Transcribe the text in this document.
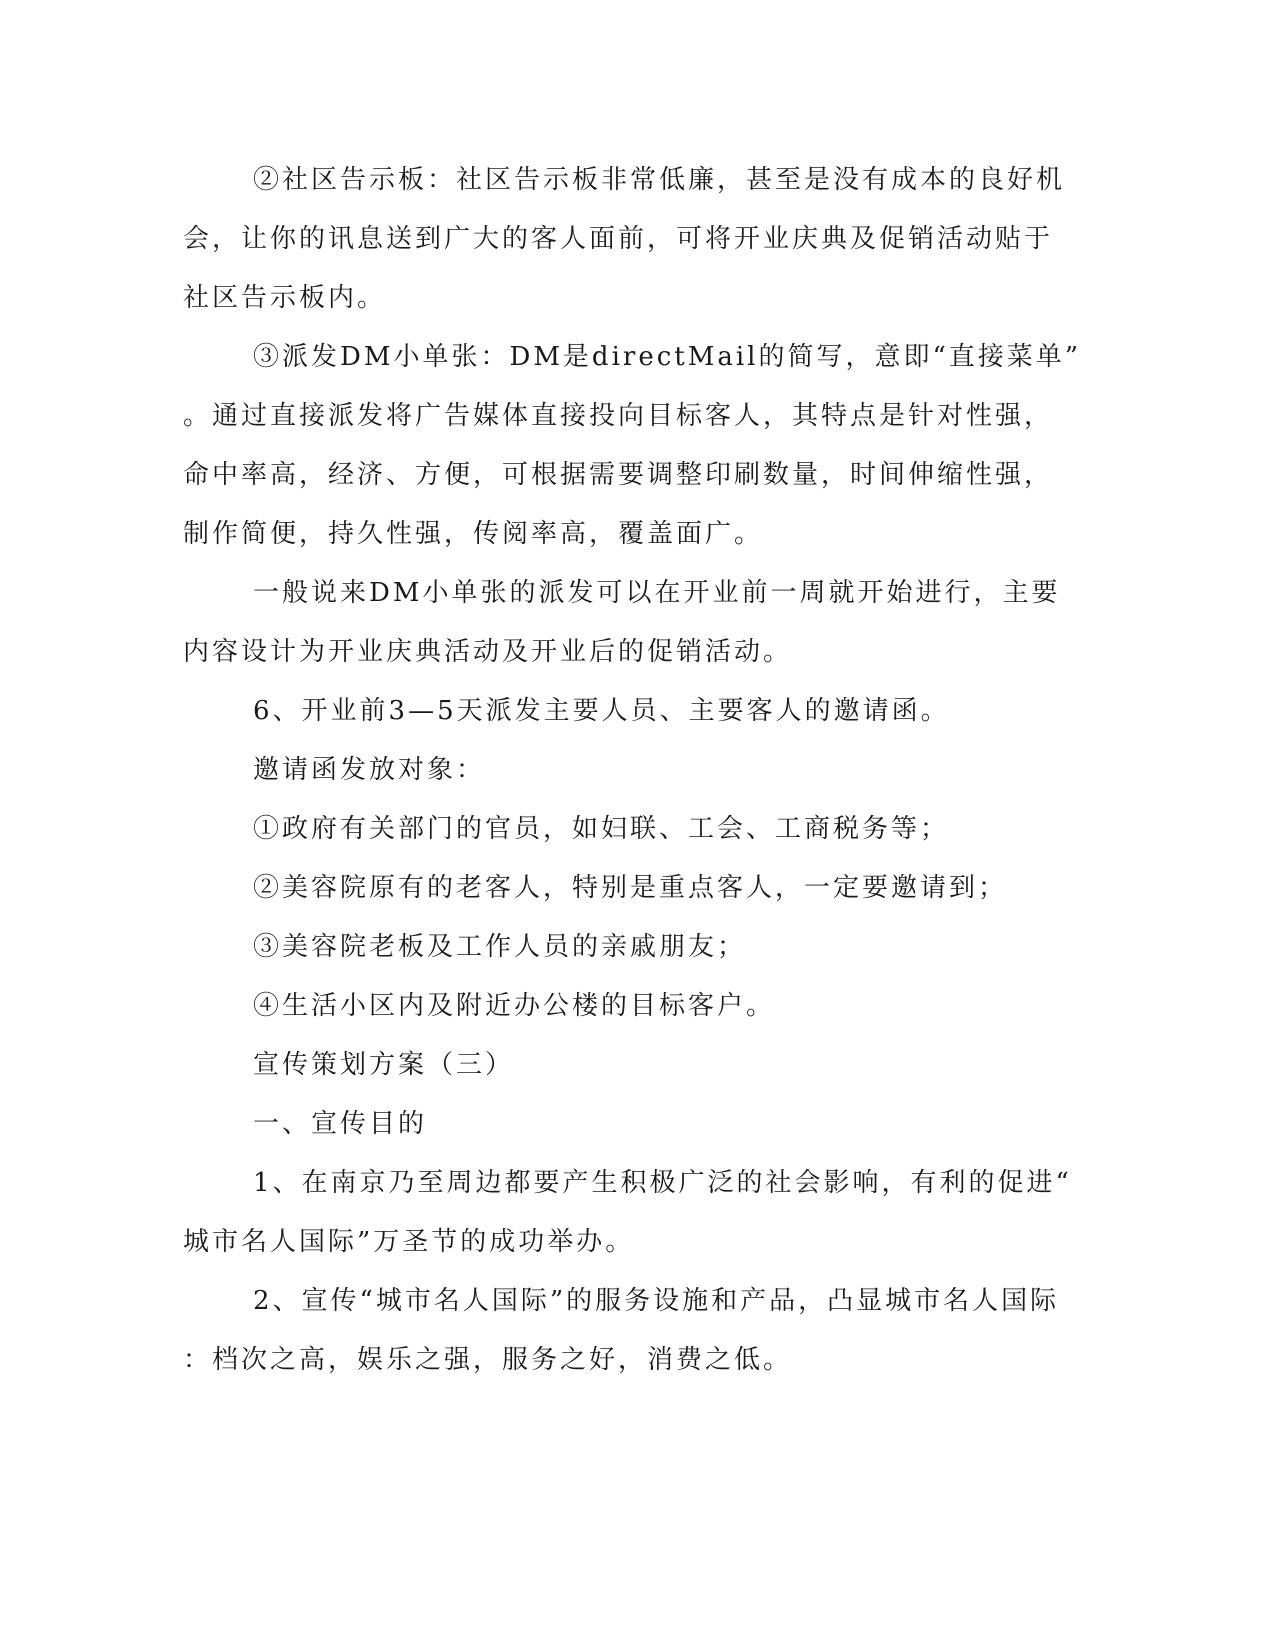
②社区告示板：社区告示板非常低廉，甚至是没有成本的良好机
会，让你的讯息送到广大的客人面前，可将开业庆典及促销活动贴于
社区告示板内。
③派发DM小单张：DM是directMail的简写，意即“直接菜单”
。通过直接派发将广告媒体直接投向目标客人，其特点是针对性强，
命中率高，经济、方便，可根据需要调整印刷数量，时间伸缩性强，
制作简便，持久性强，传阅率高，覆盖面广。
一般说来DM小单张的派发可以在开业前一周就开始进行，主要
内容设计为开业庆典活动及开业后的促销活动。
6、开业前3—5天派发主要人员、主要客人的邀请函。
邀请函发放对象：
①政府有关部门的官员，如妇联、工会、工商税务等；
②美容院原有的老客人，特别是重点客人，一定要邀请到；
③美容院老板及工作人员的亲戚朋友；
④生活小区内及附近办公楼的目标客户。
宣传策划方案（三）
一、宣传目的
1、在南京乃至周边都要产生积极广泛的社会影响，有利的促进“
城市名人国际”万圣节的成功举办。
2、宣传“城市名人国际”的服务设施和产品，凸显城市名人国际
：档次之高，娱乐之强，服务之好，消费之低。
